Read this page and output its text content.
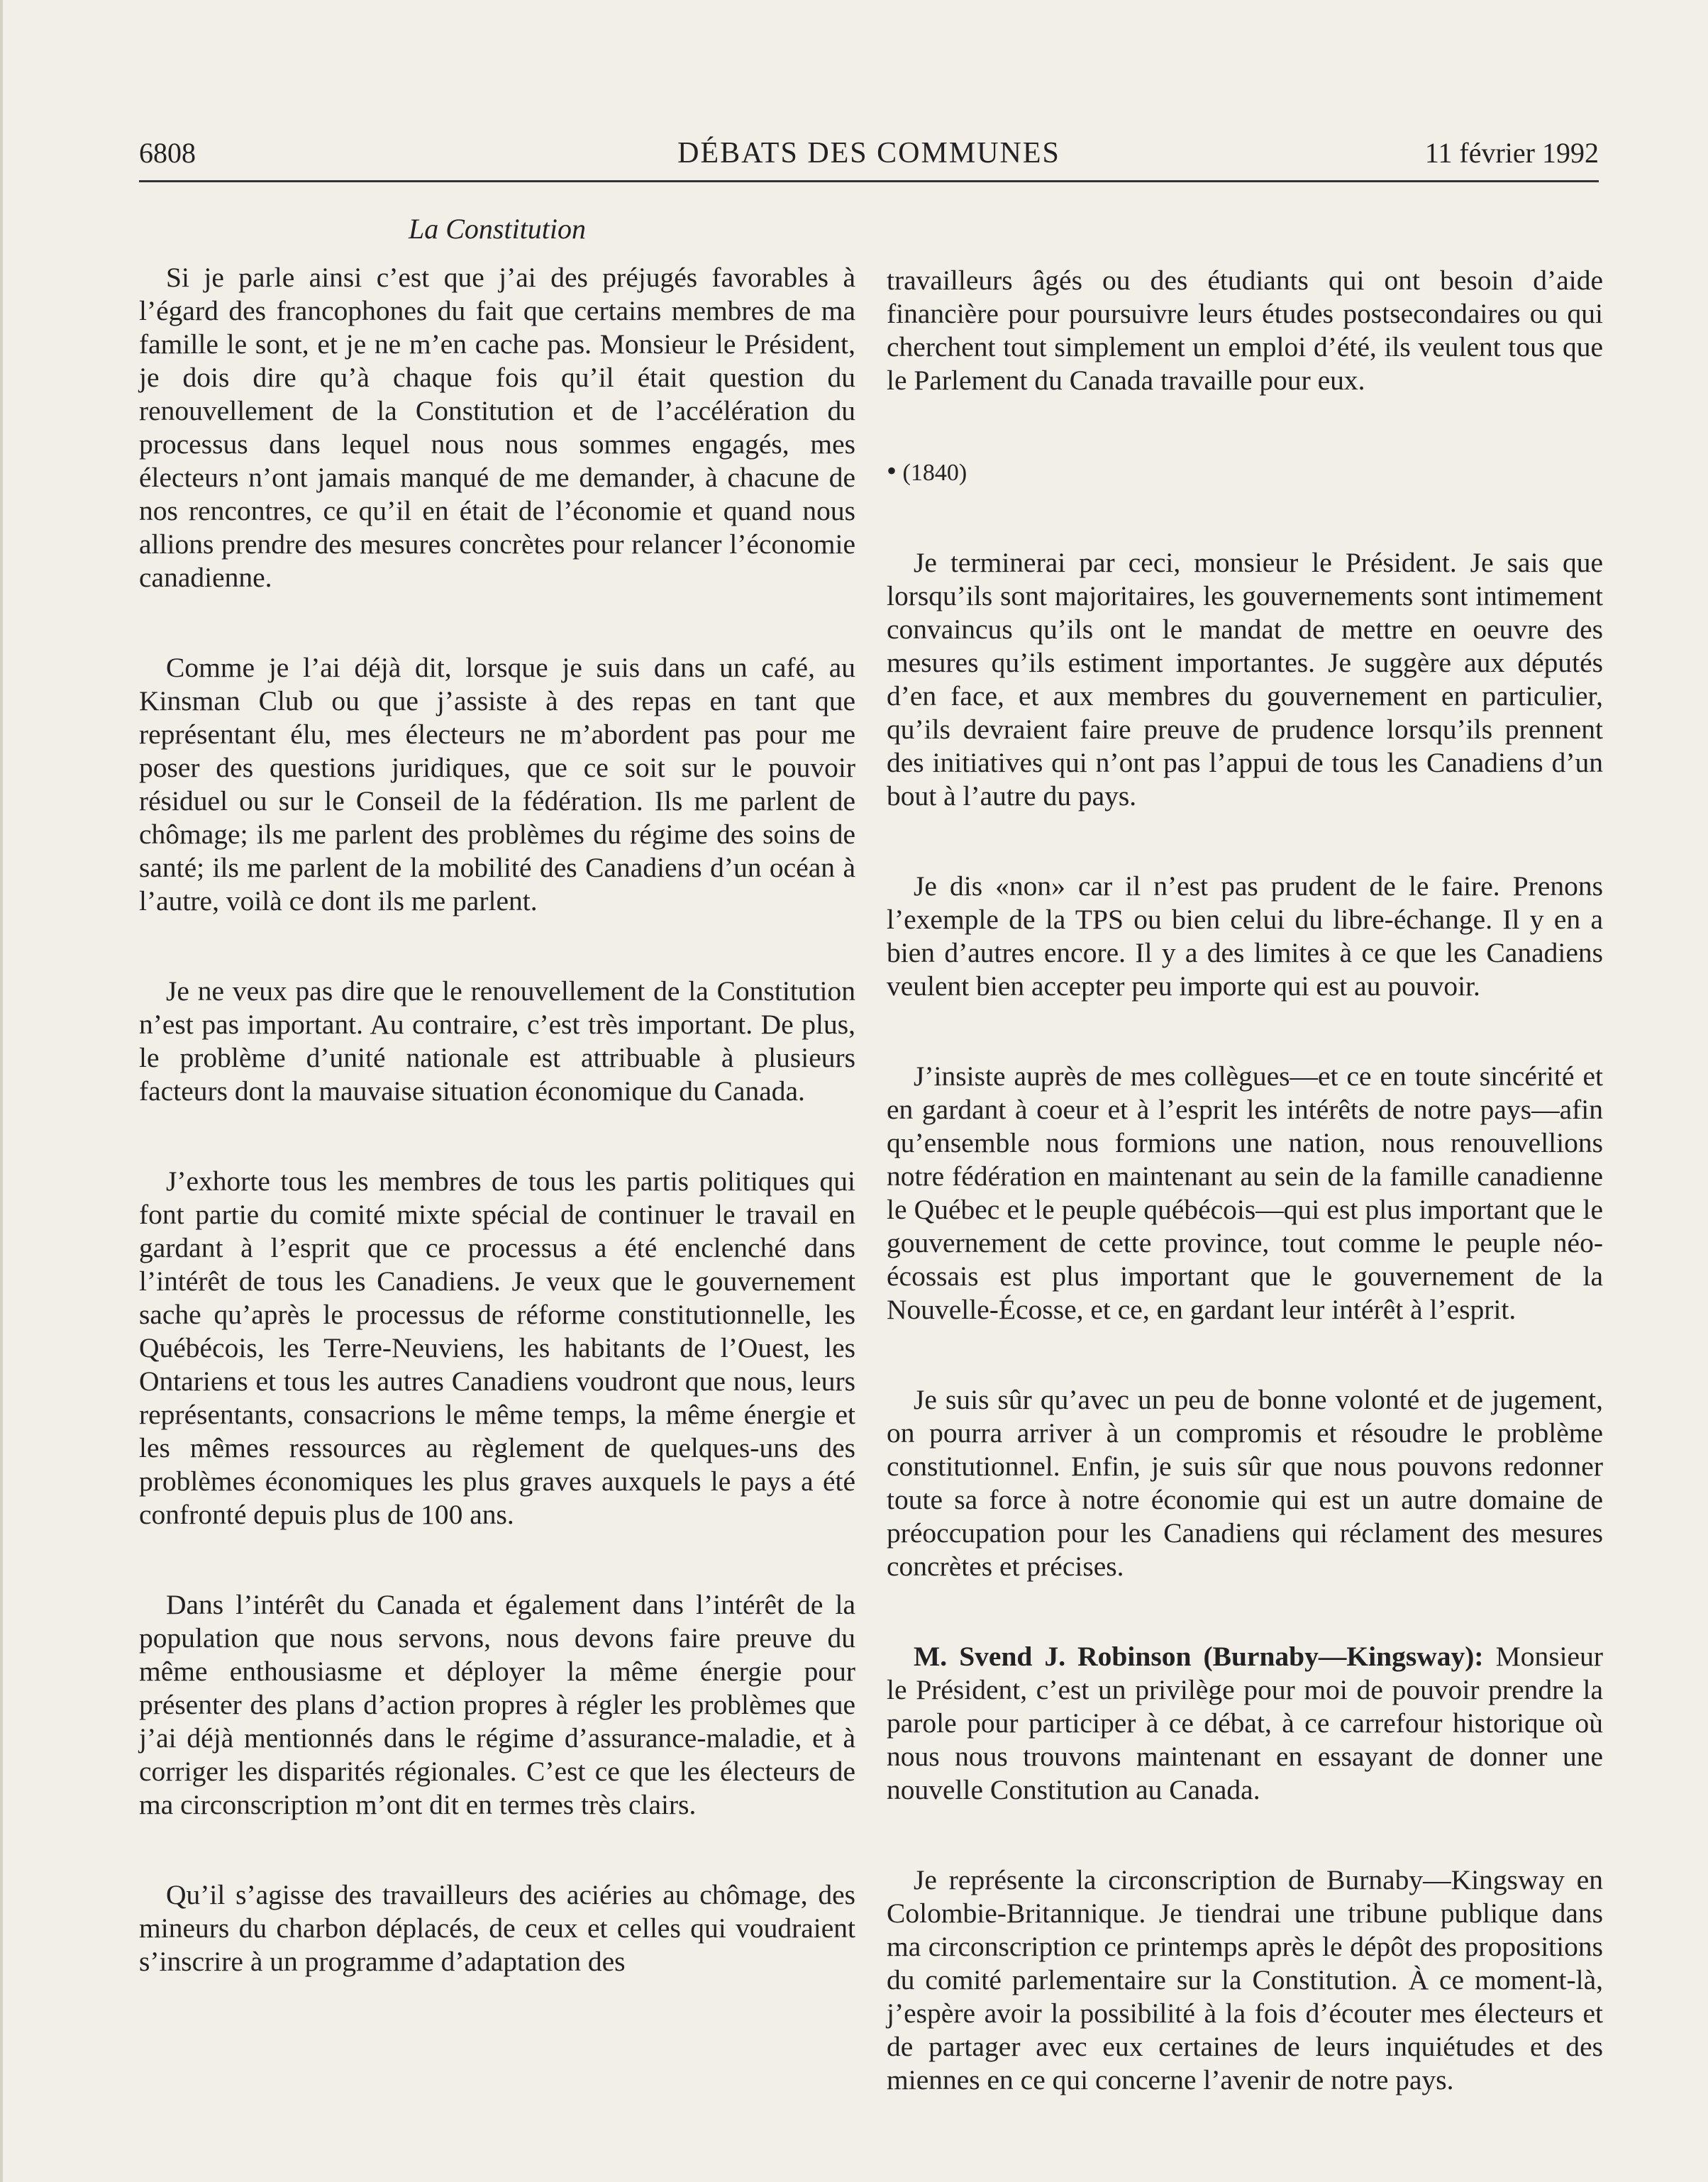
6808	DÉBATS DES COMMUNES	11 février 1992
La Constitution

Si je parle ainsi c’est que j’ai des préjugés favorables à l’égard des francophones du fait que certains membres de ma famille le sont, et je ne m’en cache pas. Monsieur le Président, je dois dire qu’à chaque fois qu’il était question du renouvellement de la Constitution et de l’accélération du processus dans lequel nous nous sommes engagés, mes électeurs n’ont jamais manqué de me demander, à chacune de nos rencontres, ce qu’il en était de l’économie et quand nous allions prendre des mesures concrètes pour relancer l’économie canadienne.

Comme je l’ai déjà dit, lorsque je suis dans un café, au Kinsman Club ou que j’assiste à des repas en tant que représentant élu, mes électeurs ne m’abordent pas pour me poser des questions juridiques, que ce soit sur le pouvoir résiduel ou sur le Conseil de la fédération. Ils me parlent de chômage; ils me parlent des problèmes du régime des soins de santé; ils me parlent de la mobilité des Canadiens d’un océan à l’autre, voilà ce dont ils me parlent.

Je ne veux pas dire que le renouvellement de la Constitution n’est pas important. Au contraire, c’est très important. De plus, le problème d’unité nationale est attribuable à plusieurs facteurs dont la mauvaise situation économique du Canada.

J’exhorte tous les membres de tous les partis politiques qui font partie du comité mixte spécial de continuer le travail en gardant à l’esprit que ce processus a été enclenché dans l’intérêt de tous les Canadiens. Je veux que le gouvernement sache qu’après le processus de réforme constitutionnelle, les Québécois, les Terre-Neuviens, les habitants de l’Ouest, les Ontariens et tous les autres Canadiens voudront que nous, leurs représentants, consacrions le même temps, la même énergie et les mêmes ressources au règlement de quelques-uns des problèmes économiques les plus graves auxquels le pays a été confronté depuis plus de 100 ans.

Dans l’intérêt du Canada et également dans l’intérêt de la population que nous servons, nous devons faire preuve du même enthousiasme et déployer la même énergie pour présenter des plans d’action propres à régler les problèmes que j’ai déjà mentionnés dans le régime d’assurance-maladie, et à corriger les disparités régionales. C’est ce que les électeurs de ma circonscription m’ont dit en termes très clairs.

Qu’il s’agisse des travailleurs des aciéries au chômage, des mineurs du charbon déplacés, de ceux et celles qui voudraient s’inscrire à un programme d’adaptation des

travailleurs âgés ou des étudiants qui ont besoin d’aide financière pour poursuivre leurs études postsecondaires ou qui cherchent tout simplement un emploi d’été, ils veulent tous que le Parlement du Canada travaille pour eux.

• (1840)

Je terminerai par ceci, monsieur le Président. Je sais que lorsqu’ils sont majoritaires, les gouvernements sont intimement convaincus qu’ils ont le mandat de mettre en oeuvre des mesures qu’ils estiment importantes. Je suggère aux députés d’en face, et aux membres du gouvernement en particulier, qu’ils devraient faire preuve de prudence lorsqu’ils prennent des initiatives qui n’ont pas l’appui de tous les Canadiens d’un bout à l’autre du pays.

Je dis «non» car il n’est pas prudent de le faire. Prenons l’exemple de la TPS ou bien celui du libre-échange. Il y en a bien d’autres encore. Il y a des limites à ce que les Canadiens veulent bien accepter peu importe qui est au pouvoir.

J’insiste auprès de mes collègues—et ce en toute sincérité et en gardant à coeur et à l’esprit les intérêts de notre pays—afin qu’ensemble nous formions une nation, nous renouvellions notre fédération en maintenant au sein de la famille canadienne le Québec et le peuple québécois—qui est plus important que le gouvernement de cette province, tout comme le peuple néo-écossais est plus important que le gouvernement de la Nouvelle-Écosse, et ce, en gardant leur intérêt à l’esprit.

Je suis sûr qu’avec un peu de bonne volonté et de jugement, on pourra arriver à un compromis et résoudre le problème constitutionnel. Enfin, je suis sûr que nous pouvons redonner toute sa force à notre économie qui est un autre domaine de préoccupation pour les Canadiens qui réclament des mesures concrètes et précises.

M. Svend J. Robinson (Burnaby—Kingsway): Monsieur le Président, c’est un privilège pour moi de pouvoir prendre la parole pour participer à ce débat, à ce carrefour historique où nous nous trouvons maintenant en essayant de donner une nouvelle Constitution au Canada.

Je représente la circonscription de Burnaby—Kingsway en Colombie-Britannique. Je tiendrai une tribune publique dans ma circonscription ce printemps après le dépôt des propositions du comité parlementaire sur la Constitution. À ce moment-là, j’espère avoir la possibilité à la fois d’écouter mes électeurs et de partager avec eux certaines de leurs inquiétudes et des miennes en ce qui concerne l’avenir de notre pays.
